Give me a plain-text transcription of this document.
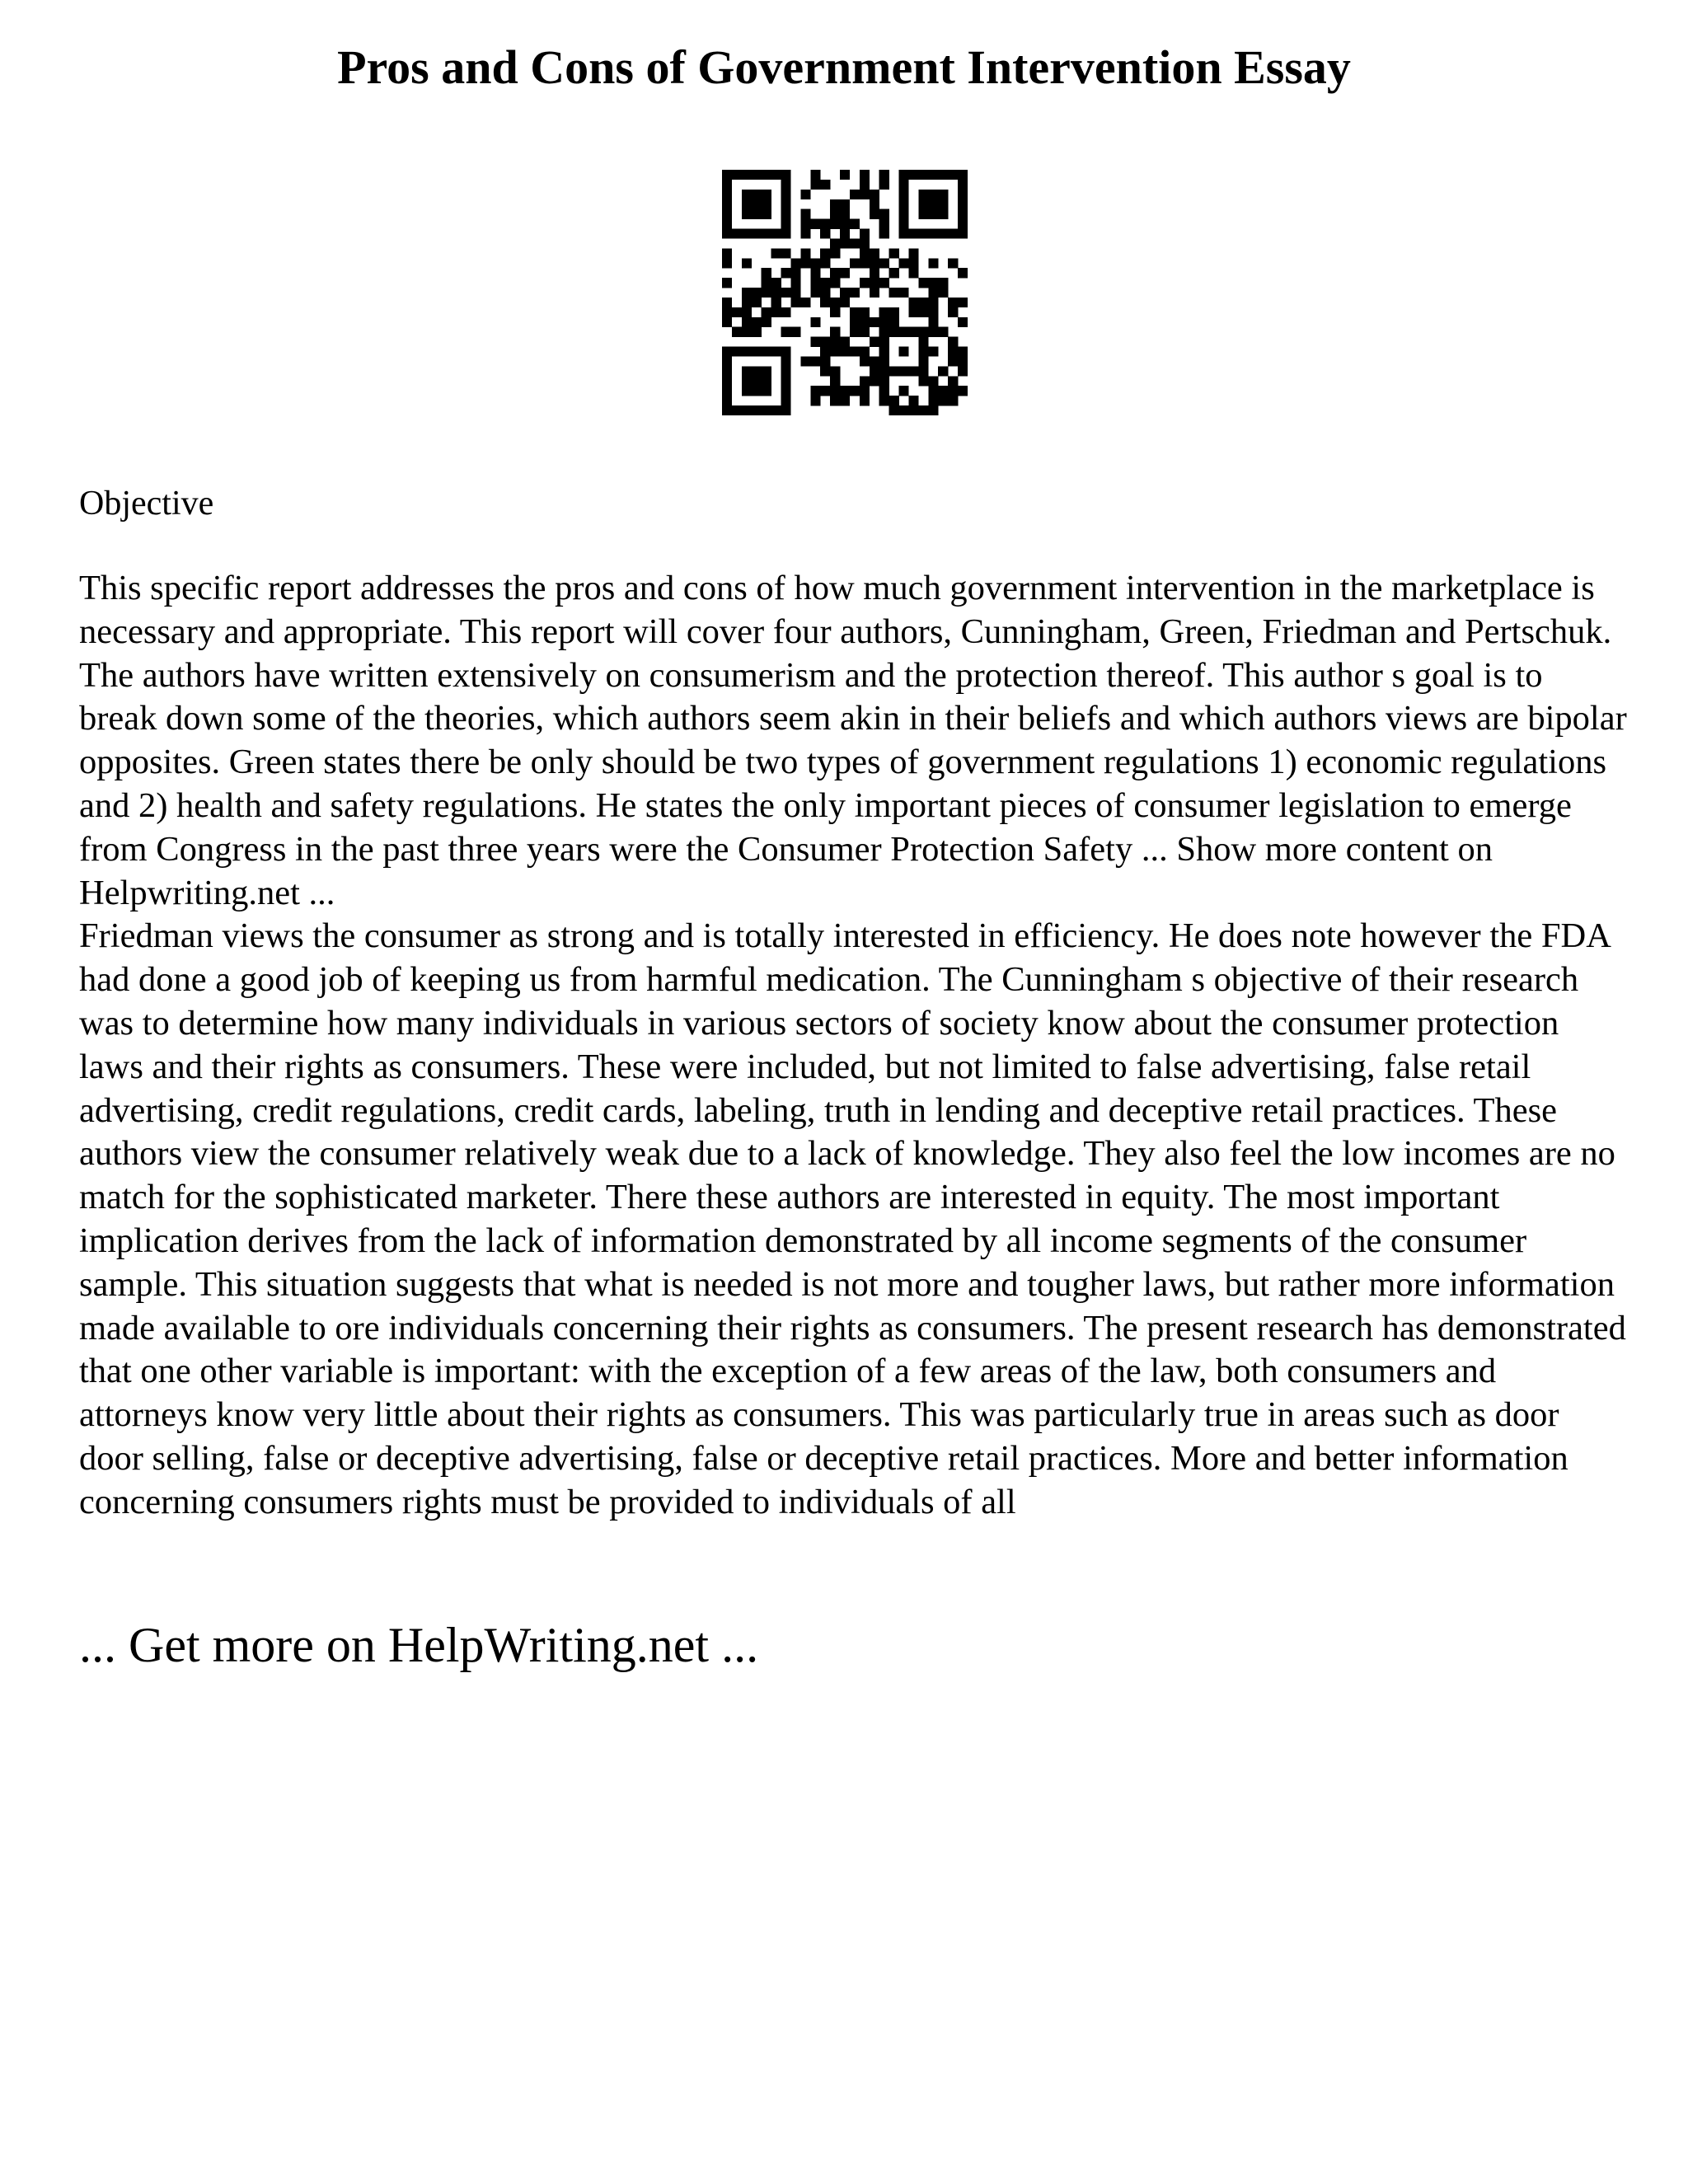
Pros and Cons of Government Intervention Essay
Objective

This specific report addresses the pros and cons of how much government intervention in the marketplace is necessary and appropriate. This report will cover four authors, Cunningham, Green, Friedman and Pertschuk. The authors have written extensively on consumerism and the protection thereof. This author s goal is to break down some of the theories, which authors seem akin in their beliefs and which authors views are bipolar opposites. Green states there be only should be two types of government regulations 1) economic regulations and 2) health and safety regulations. He states the only important pieces of consumer legislation to emerge from Congress in the past three years were the Consumer Protection Safety ... Show more content on Helpwriting.net ...

Friedman views the consumer as strong and is totally interested in efficiency. He does note however the FDA had done a good job of keeping us from harmful medication. The Cunningham s objective of their research was to determine how many individuals in various sectors of society know about the consumer protection laws and their rights as consumers. These were included, but not limited to false advertising, false retail advertising, credit regulations, credit cards, labeling, truth in lending and deceptive retail practices. These authors view the consumer relatively weak due to a lack of knowledge. They also feel the low incomes are no match for the sophisticated marketer. There these authors are interested in equity. The most important implication derives from the lack of information demonstrated by all income segments of the consumer sample. This situation suggests that what is needed is not more and tougher laws, but rather more information made available to ore individuals concerning their rights as consumers. The present research has demonstrated that one other variable is important: with the exception of a few areas of the law, both consumers and attorneys know very little about their rights as consumers. This was particularly true in areas such as door door selling, false or deceptive advertising, false or deceptive retail practices. More and better information concerning consumers rights must be provided to individuals of all

... Get more on HelpWriting.net ...
